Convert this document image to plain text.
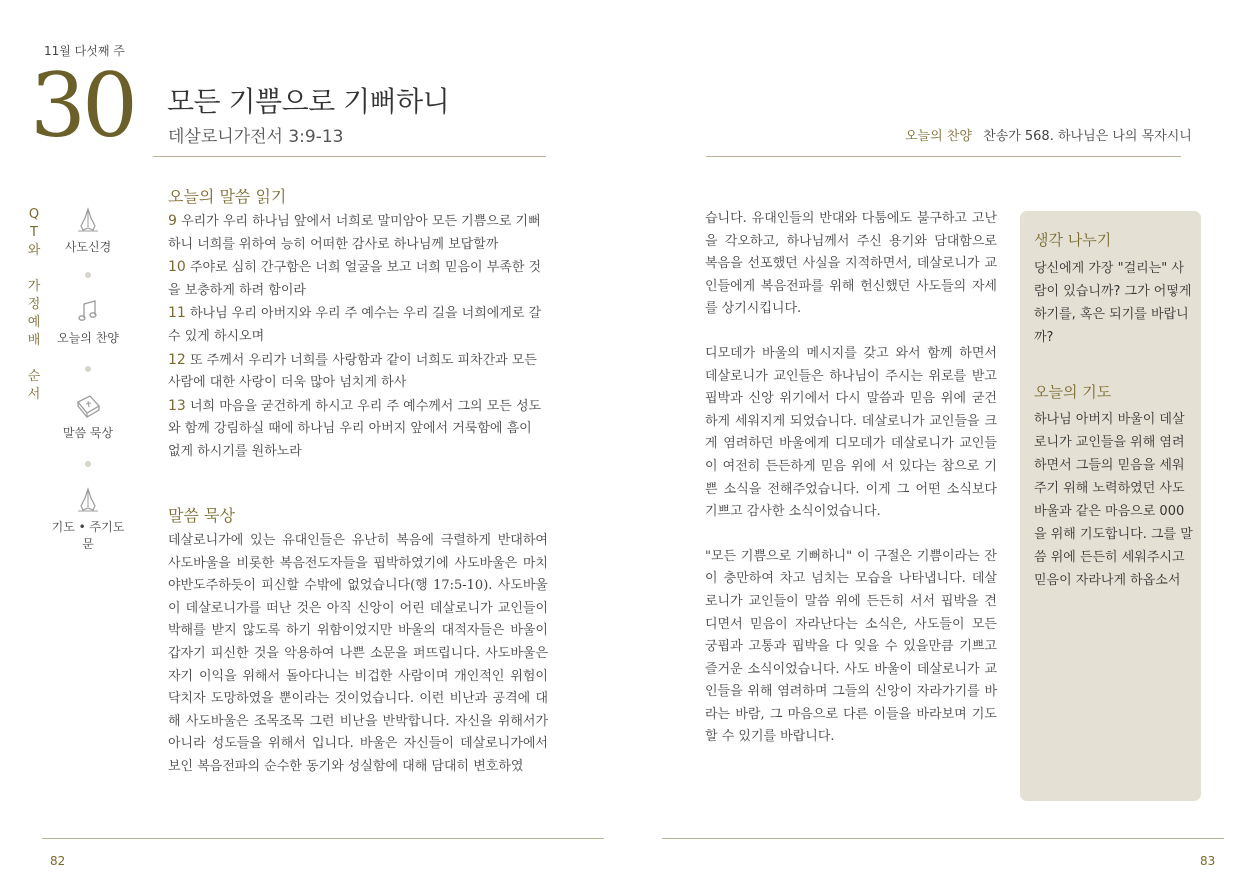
11월 다섯째 주
30 모든 기쁨으로 기뻐하니
데살로니가전서 3:9-13
Q
T
와
가
정
예
배
순
서
사도신경
오늘의 찬양
말씀 묵상
기도 • 주기도문
오늘의 말씀 읽기
9 우리가 우리 하나님 앞에서 너희로 말미암아 모든 기쁨으로 기뻐하니 너희를 위하여 능히 어떠한 감사로 하나님께 보답할까
10 주야로 심히 간구함은 너희 얼굴을 보고 너희 믿음이 부족한 것을 보충하게 하려 함이라
11 하나님 우리 아버지와 우리 주 예수는 우리 길을 너희에게로 갈 수 있게 하시오며
12 또 주께서 우리가 너희를 사랑함과 같이 너희도 피차간과 모든 사람에 대한 사랑이 더욱 많아 넘치게 하사
13 너희 마음을 굳건하게 하시고 우리 주 예수께서 그의 모든 성도와 함께 강림하실 때에 하나님 우리 아버지 앞에서 거룩함에 흠이 없게 하시기를 원하노라
말씀 묵상
데살로니가에 있는 유대인들은 유난히 복음에 극렬하게 반대하여 사도바울을 비롯한 복음전도자들을 핍박하였기에 사도바울은 마치 야반도주하듯이 피신할 수밖에 없었습니다(행 17:5-10). 사도바울이 데살로니가를 떠난 것은 아직 신앙이 어린 데살로니가 교인들이 박해를 받지 않도록 하기 위함이었지만 바울의 대적자들은 바울이 갑자기 피신한 것을 악용하여 나쁜 소문을 퍼뜨립니다. 사도바울은 자기 이익을 위해서 돌아다니는 비겁한 사람이며 개인적인 위험이 닥치자 도망하였을 뿐이라는 것이었습니다. 이런 비난과 공격에 대해 사도바울은 조목조목 그런 비난을 반박합니다. 자신을 위해서가 아니라 성도들을 위해서 입니다. 바울은 자신들이 데살로니가에서 보인 복음전파의 순수한 동기와 성실함에 대해 담대히 변호하였
82
오늘의 찬양 찬송가 568. 하나님은 나의 목자시니
습니다. 유대인들의 반대와 다툼에도 불구하고 고난을 각오하고, 하나님께서 주신 용기와 담대함으로 복음을 선포했던 사실을 지적하면서, 데살로니가 교인들에게 복음전파를 위해 헌신했던 사도들의 자세를 상기시킵니다.
디모데가 바울의 메시지를 갖고 와서 함께 하면서 데살로니가 교인들은 하나님이 주시는 위로를 받고 핍박과 신앙 위기에서 다시 말씀과 믿음 위에 굳건하게 세워지게 되었습니다. 데살로니가 교인들을 크게 염려하던 바울에게 디모데가 데살로니가 교인들이 여전히 든든하게 믿음 위에 서 있다는 참으로 기쁜 소식을 전해주었습니다. 이게 그 어떤 소식보다 기쁘고 감사한 소식이었습니다.
"모든 기쁨으로 기뻐하니" 이 구절은 기쁨이라는 잔이 충만하여 차고 넘치는 모습을 나타냅니다. 데살로니가 교인들이 말씀 위에 든든히 서서 핍박을 견디면서 믿음이 자라난다는 소식은, 사도들이 모든 궁핍과 고통과 핍박을 다 잊을 수 있을만큼 기쁘고 즐거운 소식이었습니다. 사도 바울이 데살로니가 교인들을 위해 염려하며 그들의 신앙이 자라가기를 바라는 바람, 그 마음으로 다른 이들을 바라보며 기도할 수 있기를 바랍니다.
생각 나누기
당신에게 가장 "걸리는" 사람이 있습니까? 그가 어떻게 하기를, 혹은 되기를 바랍니까?
오늘의 기도
하나님 아버지 바울이 데살로니가 교인들을 위해 염려하면서 그들의 믿음을 세워주기 위해 노력하였던 사도바울과 같은 마음으로 000을 위해 기도합니다. 그를 말씀 위에 든든히 세워주시고 믿음이 자라나게 하옵소서
83
